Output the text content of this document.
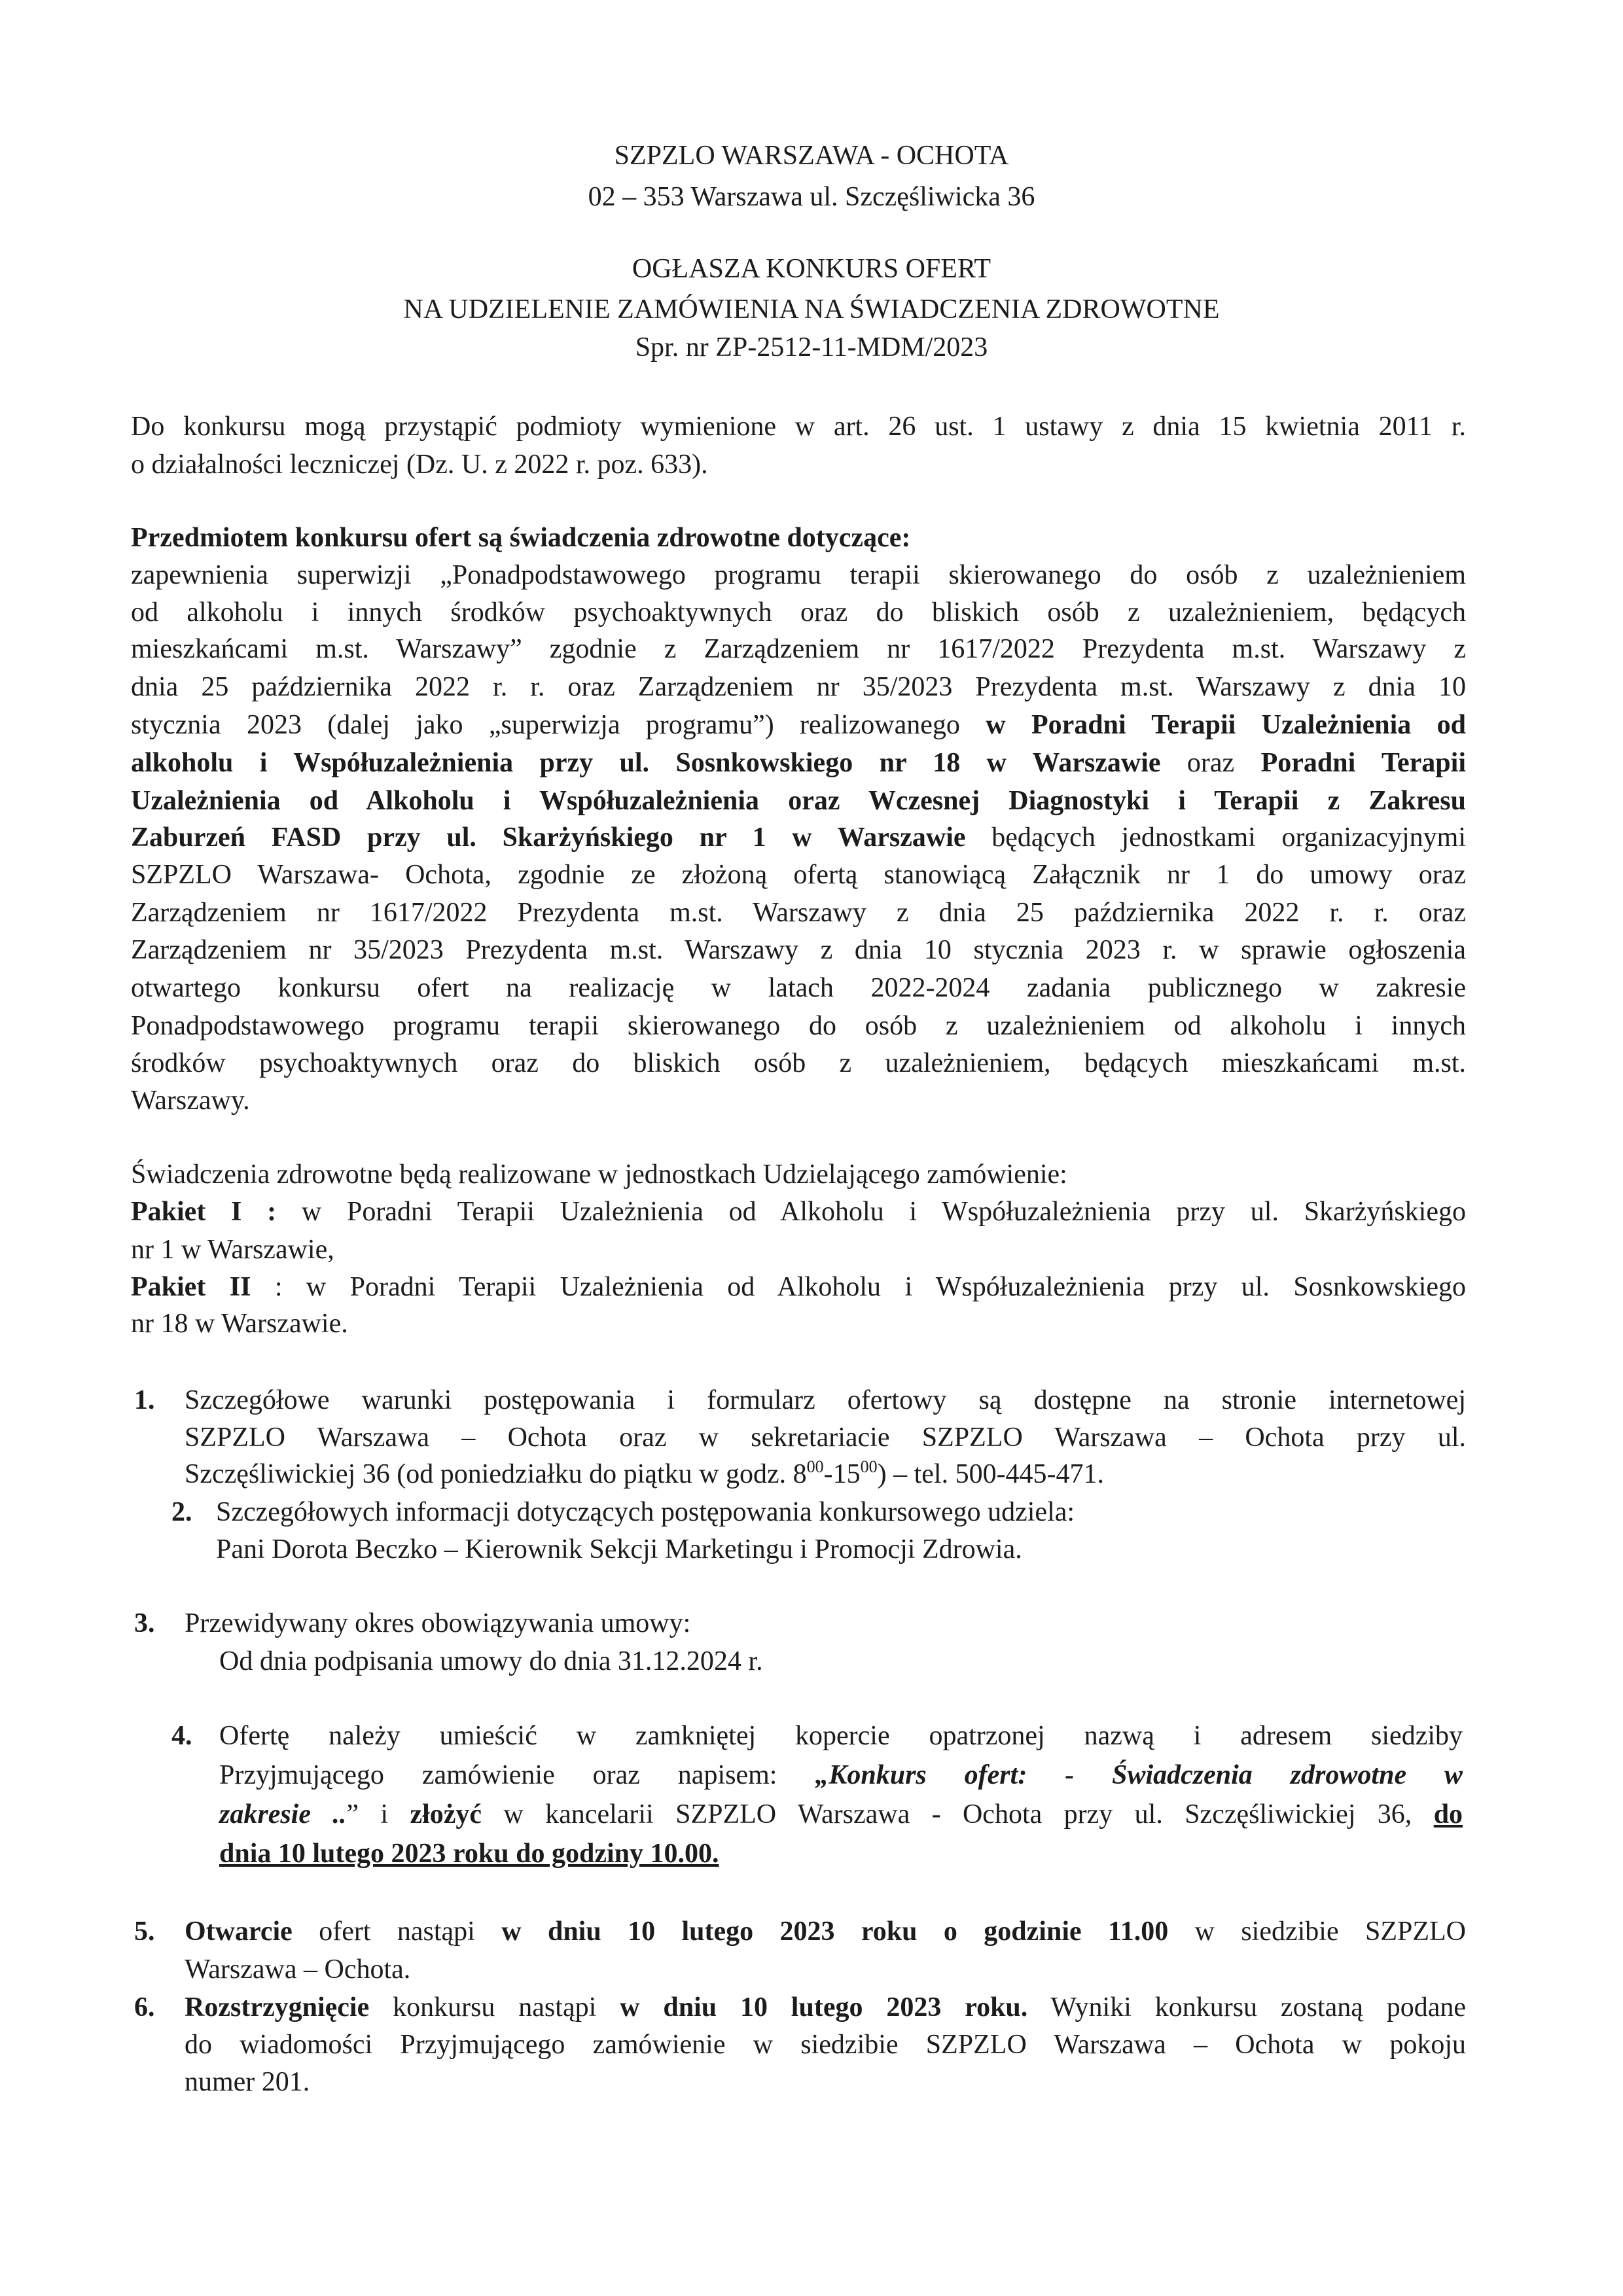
SZPZLO WARSZAWA - OCHOTA
02 – 353 Warszawa ul. Szczęśliwicka 36
OGŁASZA KONKURS OFERT
NA UDZIELENIE ZAMÓWIENIA NA ŚWIADCZENIA ZDROWOTNE
Spr. nr ZP-2512-11-MDM/2023
Do konkursu mogą przystąpić podmioty wymienione w art. 26 ust. 1 ustawy z dnia 15 kwietnia 2011 r.
o działalności leczniczej (Dz. U. z 2022 r. poz. 633).
Przedmiotem konkursu ofert są świadczenia zdrowotne dotyczące:
zapewnienia superwizji „Ponadpodstawowego programu terapii skierowanego do osób z uzależnieniem
od alkoholu i innych środków psychoaktywnych oraz do bliskich osób z uzależnieniem, będących
mieszkańcami m.st. Warszawy” zgodnie z Zarządzeniem nr 1617/2022 Prezydenta m.st. Warszawy z
dnia 25 października 2022 r. r. oraz Zarządzeniem nr 35/2023 Prezydenta m.st. Warszawy z dnia 10
stycznia 2023 (dalej jako „superwizja programu”) realizowanego w Poradni Terapii Uzależnienia od
alkoholu i Współuzależnienia przy ul. Sosnkowskiego nr 18 w Warszawie oraz Poradni Terapii
Uzależnienia od Alkoholu i Współuzależnienia oraz Wczesnej Diagnostyki i Terapii z Zakresu
Zaburzeń FASD przy ul. Skarżyńskiego nr 1 w Warszawie będących jednostkami organizacyjnymi
SZPZLO Warszawa- Ochota, zgodnie ze złożoną ofertą stanowiącą Załącznik nr 1 do umowy oraz
Zarządzeniem nr 1617/2022 Prezydenta m.st. Warszawy z dnia 25 października 2022 r. r. oraz
Zarządzeniem nr 35/2023 Prezydenta m.st. Warszawy z dnia 10 stycznia 2023 r. w sprawie ogłoszenia
otwartego konkursu ofert na realizację w latach 2022-2024 zadania publicznego w zakresie
Ponadpodstawowego programu terapii skierowanego do osób z uzależnieniem od alkoholu i innych
środków psychoaktywnych oraz do bliskich osób z uzależnieniem, będących mieszkańcami m.st.
Warszawy.
Świadczenia zdrowotne będą realizowane w jednostkach Udzielającego zamówienie:
Pakiet I : w Poradni Terapii Uzależnienia od Alkoholu i Współuzależnienia przy ul. Skarżyńskiego
nr 1 w Warszawie,
Pakiet II : w Poradni Terapii Uzależnienia od Alkoholu i Współuzależnienia przy ul. Sosnkowskiego
nr 18 w Warszawie.
1. Szczegółowe warunki postępowania i formularz ofertowy są dostępne na stronie internetowej
SZPZLO Warszawa – Ochota oraz w sekretariacie SZPZLO Warszawa – Ochota przy ul.
Szczęśliwickiej 36 (od poniedziałku do piątku w godz. $8^{00}-15^{00}$) – tel. 500-445-471.
2. Szczegółowych informacji dotyczących postępowania konkursowego udziela:
Pani Dorota Beczko – Kierownik Sekcji Marketingu i Promocji Zdrowia.
3. Przewidywany okres obowiązywania umowy:
Od dnia podpisania umowy do dnia 31.12.2024 r.
4. Ofertę należy umieścić w zamkniętej kopercie opatrzonej nazwą i adresem siedziby
Przyjmującego zamówienie oraz napisem: „Konkurs ofert: - Świadczenia zdrowotne w
zakresie ..” i złożyć w kancelarii SZPZLO Warszawa - Ochota przy ul. Szczęśliwickiej 36, do
dnia 10 lutego 2023 roku do godziny 10.00.
5. Otwarcie ofert nastąpi w dniu 10 lutego 2023 roku o godzinie 11.00 w siedzibie SZPZLO
Warszawa – Ochota.
6. Rozstrzygnięcie konkursu nastąpi w dniu 10 lutego 2023 roku. Wyniki konkursu zostaną podane
do wiadomości Przyjmującego zamówienie w siedzibie SZPZLO Warszawa – Ochota w pokoju
numer 201.
